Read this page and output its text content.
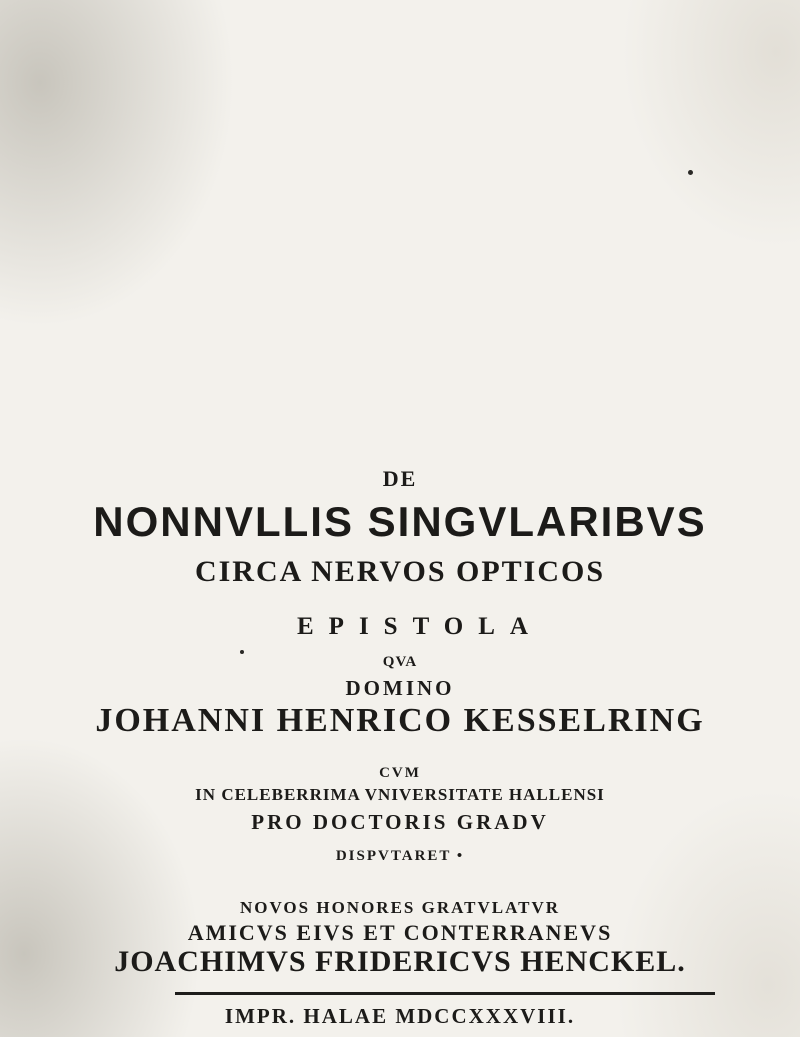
DE
NONNVLLIS SINGVLARIBVS
CIRCA NERVOS OPTICOS
EPISTOLA
QVA
DOMINO
JOHANNI HENRICO KESSELRING
CVM
IN CELEBERRIMA VNIVERSITATE HALLENSI
PRO DOCTORIS GRADV
DISPVTARET •
NOVOS HONORES GRATVLATVR
AMICVS EIVS ET CONTERRANEVS
JOACHIMVS FRIDERICVS HENCKEL.
IMPR. HALAE MDCCXXXVIII.
